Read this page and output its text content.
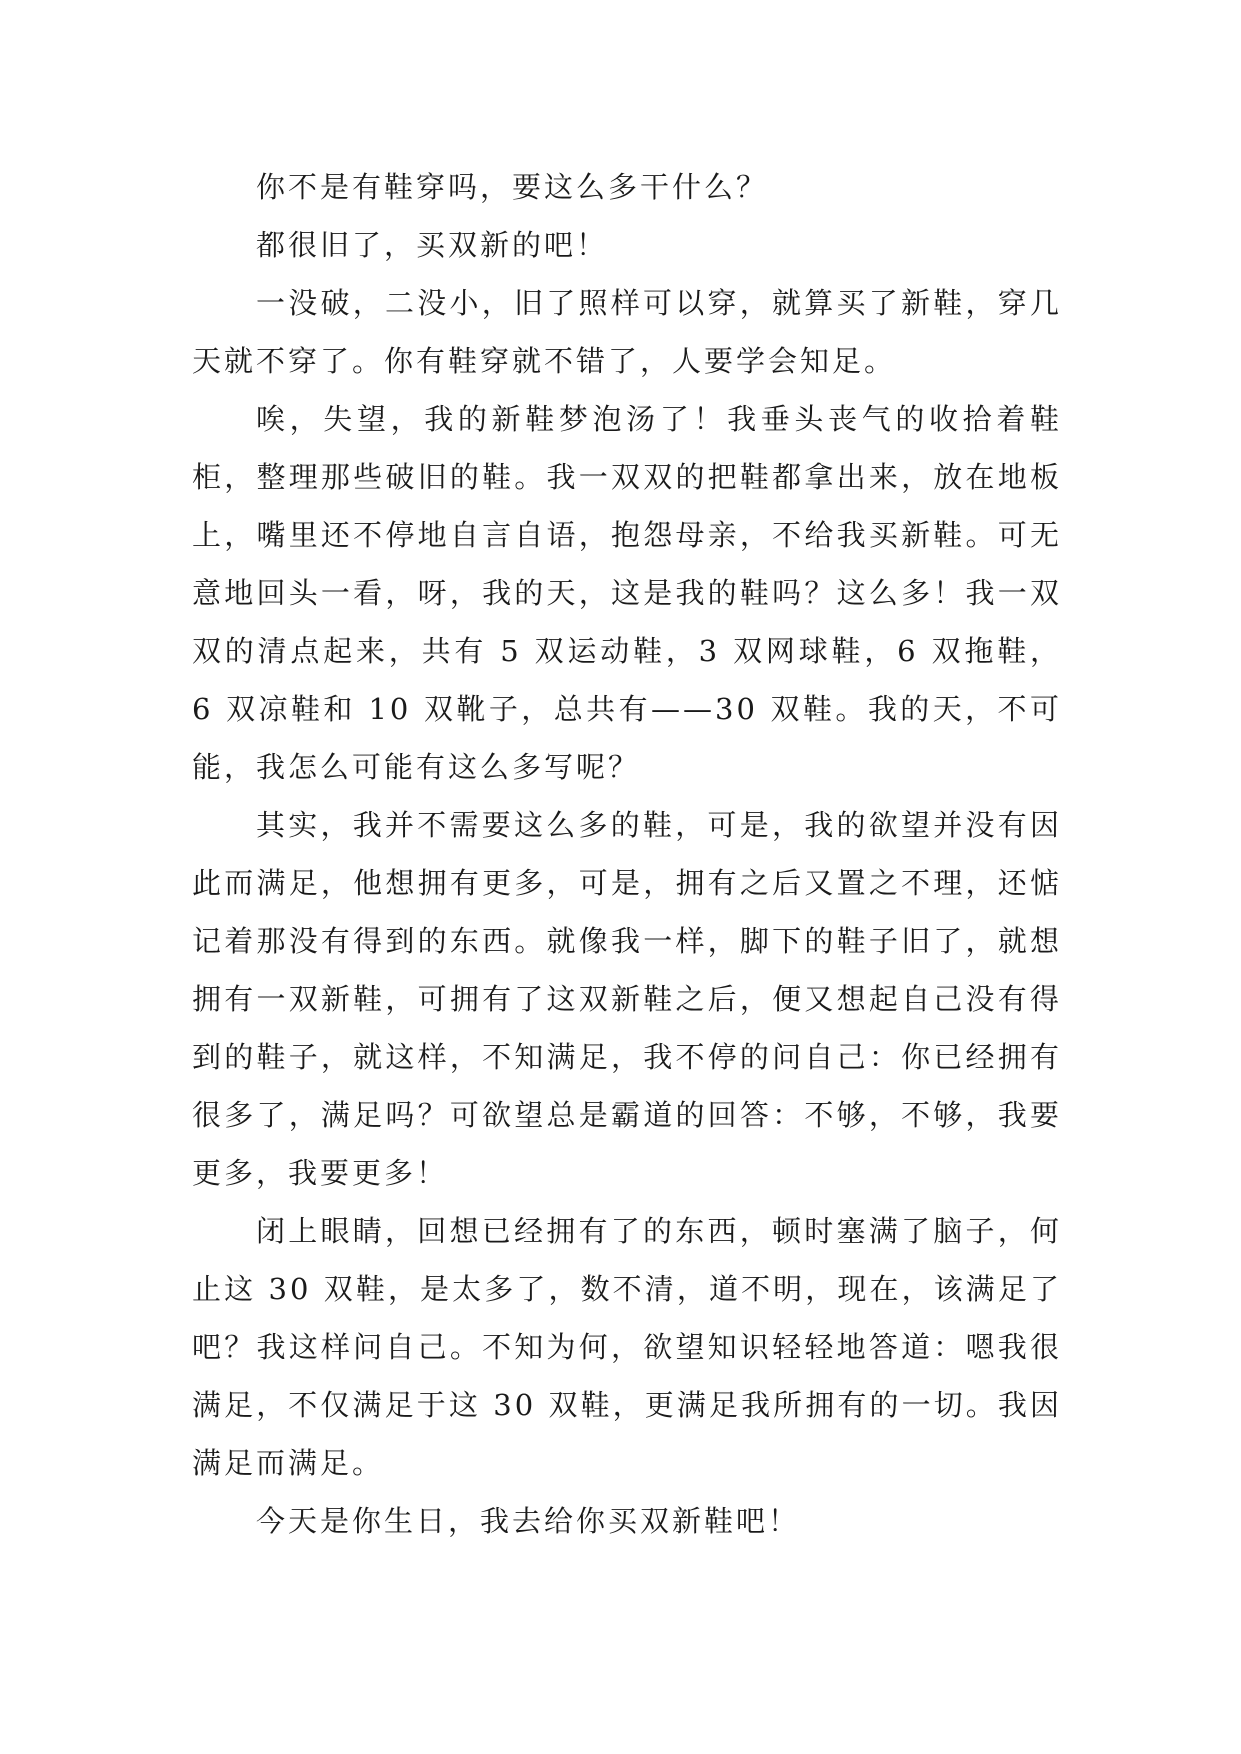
你不是有鞋穿吗，要这么多干什么？

都很旧了，买双新的吧！

一没破，二没小，旧了照样可以穿，就算买了新鞋，穿几天就不穿了。你有鞋穿就不错了，人要学会知足。

唉，失望，我的新鞋梦泡汤了！我垂头丧气的收拾着鞋柜，整理那些破旧的鞋。我一双双的把鞋都拿出来，放在地板上，嘴里还不停地自言自语，抱怨母亲，不给我买新鞋。可无意地回头一看，呀，我的天，这是我的鞋吗？这么多！我一双双的清点起来，共有 5 双运动鞋，3 双网球鞋，6 双拖鞋，6 双凉鞋和 10 双靴子，总共有——30 双鞋。我的天，不可能，我怎么可能有这么多写呢？

其实，我并不需要这么多的鞋，可是，我的欲望并没有因此而满足，他想拥有更多，可是，拥有之后又置之不理，还惦记着那没有得到的东西。就像我一样，脚下的鞋子旧了，就想拥有一双新鞋，可拥有了这双新鞋之后，便又想起自己没有得到的鞋子，就这样，不知满足，我不停的问自己：你已经拥有很多了，满足吗？可欲望总是霸道的回答：不够，不够，我要更多，我要更多！

闭上眼睛，回想已经拥有了的东西，顿时塞满了脑子，何止这 30 双鞋，是太多了，数不清，道不明，现在，该满足了吧？我这样问自己。不知为何，欲望知识轻轻地答道：嗯我很满足，不仅满足于这 30 双鞋，更满足我所拥有的一切。我因满足而满足。

今天是你生日，我去给你买双新鞋吧！
